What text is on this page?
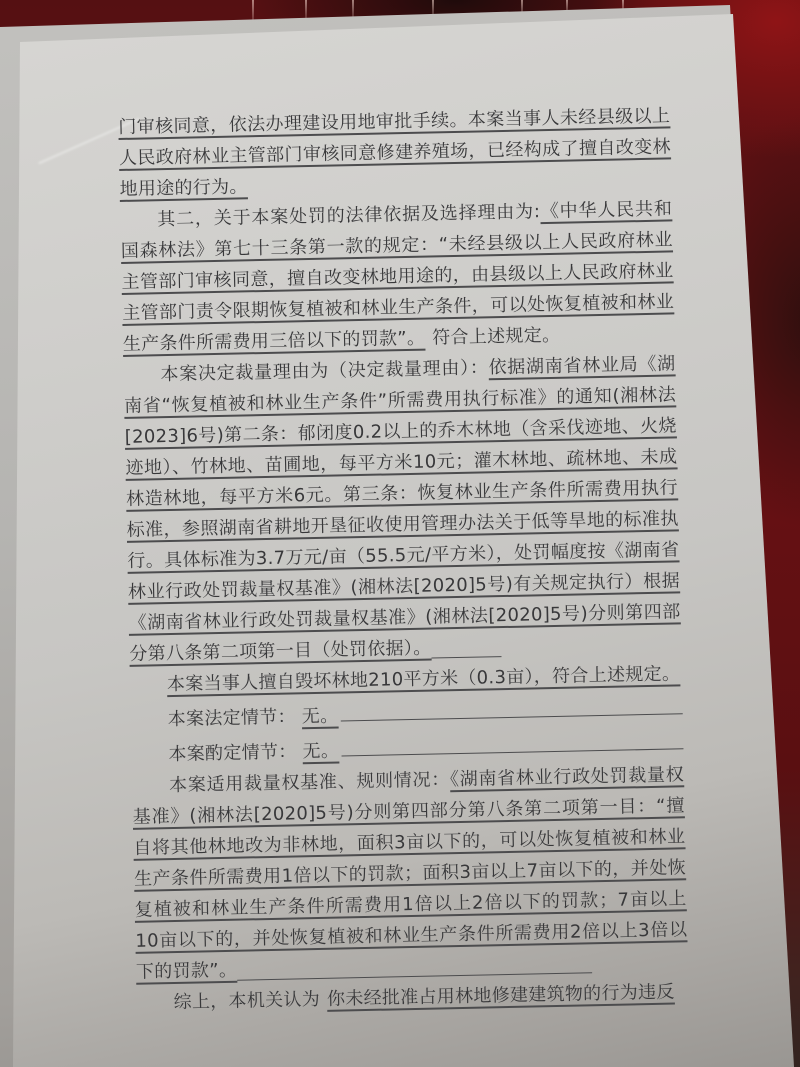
门审核同意，依法办理建设用地审批手续。本案当事人未经县级以上人民政府林业主管部门审核同意修建养殖场，已经构成了擅自改变林地用途的行为。

其二，关于本案处罚的法律依据及选择理由为:《中华人民共和国森林法》第七十三条第一款的规定：“未经县级以上人民政府林业主管部门审核同意，擅自改变林地用途的，由县级以上人民政府林业主管部门责令限期恢复植被和林业生产条件，可以处恢复植被和林业生产条件所需费用三倍以下的罚款”。 符合上述规定。

本案决定裁量理由为（决定裁量理由）：依据湖南省林业局《湖南省“恢复植被和林业生产条件”所需费用执行标准》的通知(湘林法[2023]6号)第二条：郁闭度0.2以上的乔木林地（含采伐迹地、火烧迹地）、竹林地、苗圃地，每平方米10元；灌木林地、疏林地、未成林造林地，每平方米6元。第三条：恢复林业生产条件所需费用执行标准，参照湖南省耕地开垦征收使用管理办法关于低等旱地的标准执行。具体标准为3.7万元/亩（55.5元/平方米），处罚幅度按《湖南省林业行政处罚裁量权基准》(湘林法[2020]5号)有关规定执行）根据《湖南省林业行政处罚裁量权基准》(湘林法[2020]5号)分则第四部分第八条第二项第一目（处罚依据）。

本案当事人擅自毁坏林地210平方米（0.3亩），符合上述规定。

本案法定情节： 无。

本案酌定情节： 无。

本案适用裁量权基准、规则情况：《湖南省林业行政处罚裁量权基准》(湘林法[2020]5号)分则第四部分第八条第二项第一目：“擅自将其他林地改为非林地，面积3亩以下的，可以处恢复植被和林业生产条件所需费用1倍以下的罚款；面积3亩以上7亩以下的，并处恢复植被和林业生产条件所需费用1倍以上2倍以下的罚款；7亩以上10亩以下的，并处恢复植被和林业生产条件所需费用2倍以上3倍以下的罚款”。

综上，本机关认为 你未经批准占用林地修建建筑物的行为违反
